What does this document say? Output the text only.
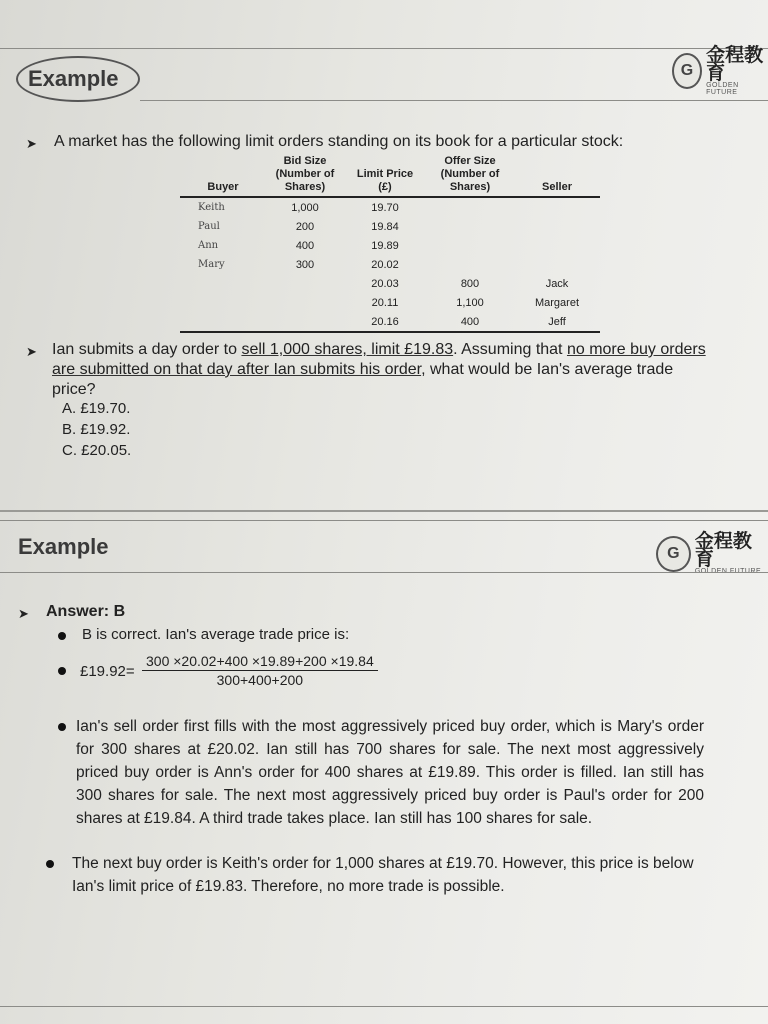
Example	G
金程教育
GOLDEN FUTURE
➤ A market has the following limit orders standing on its book for a particular stock:
Buyer	Bid Size (Number of Shares)	Limit Price (£)	Offer Size (Number of Shares)	Seller
Keith	1,000	19.70		
Paul	200	19.84		
Ann	400	19.89		
Mary	300	20.02		
		20.03	800	Jack
		20.11	1,100	Margaret
		20.16	400	Jeff
➤ Ian submits a day order to sell 1,000 shares, limit £19.83. Assuming that no more buy orders are submitted on that day after Ian submits his order, what would be Ian's average trade price?
A. £19.70.
B. £19.92.
C. £20.05.
Example	G
金程教育
➤ Answer: B
B is correct. Ian's average trade price is:
£19.92= $\frac{300 \times 20.02+400 \times 19.89+200 \times 19.84}{300+400+200}$
Ian's sell order first fills with the most aggressively priced buy order, which is Mary's order for 300 shares at £20.02. Ian still has 700 shares for sale. The next most aggressively priced buy order is Ann's order for 400 shares at £19.89. This order is filled. Ian still has 300 shares for sale. The next most aggressively priced buy order is Paul's order for 200 shares at £19.84. A third trade takes place. Ian still has 100 shares for sale.
The next buy order is Keith's order for 1,000 shares at £19.70. However, this price is below Ian's limit price of £19.83. Therefore, no more trade is possible.
